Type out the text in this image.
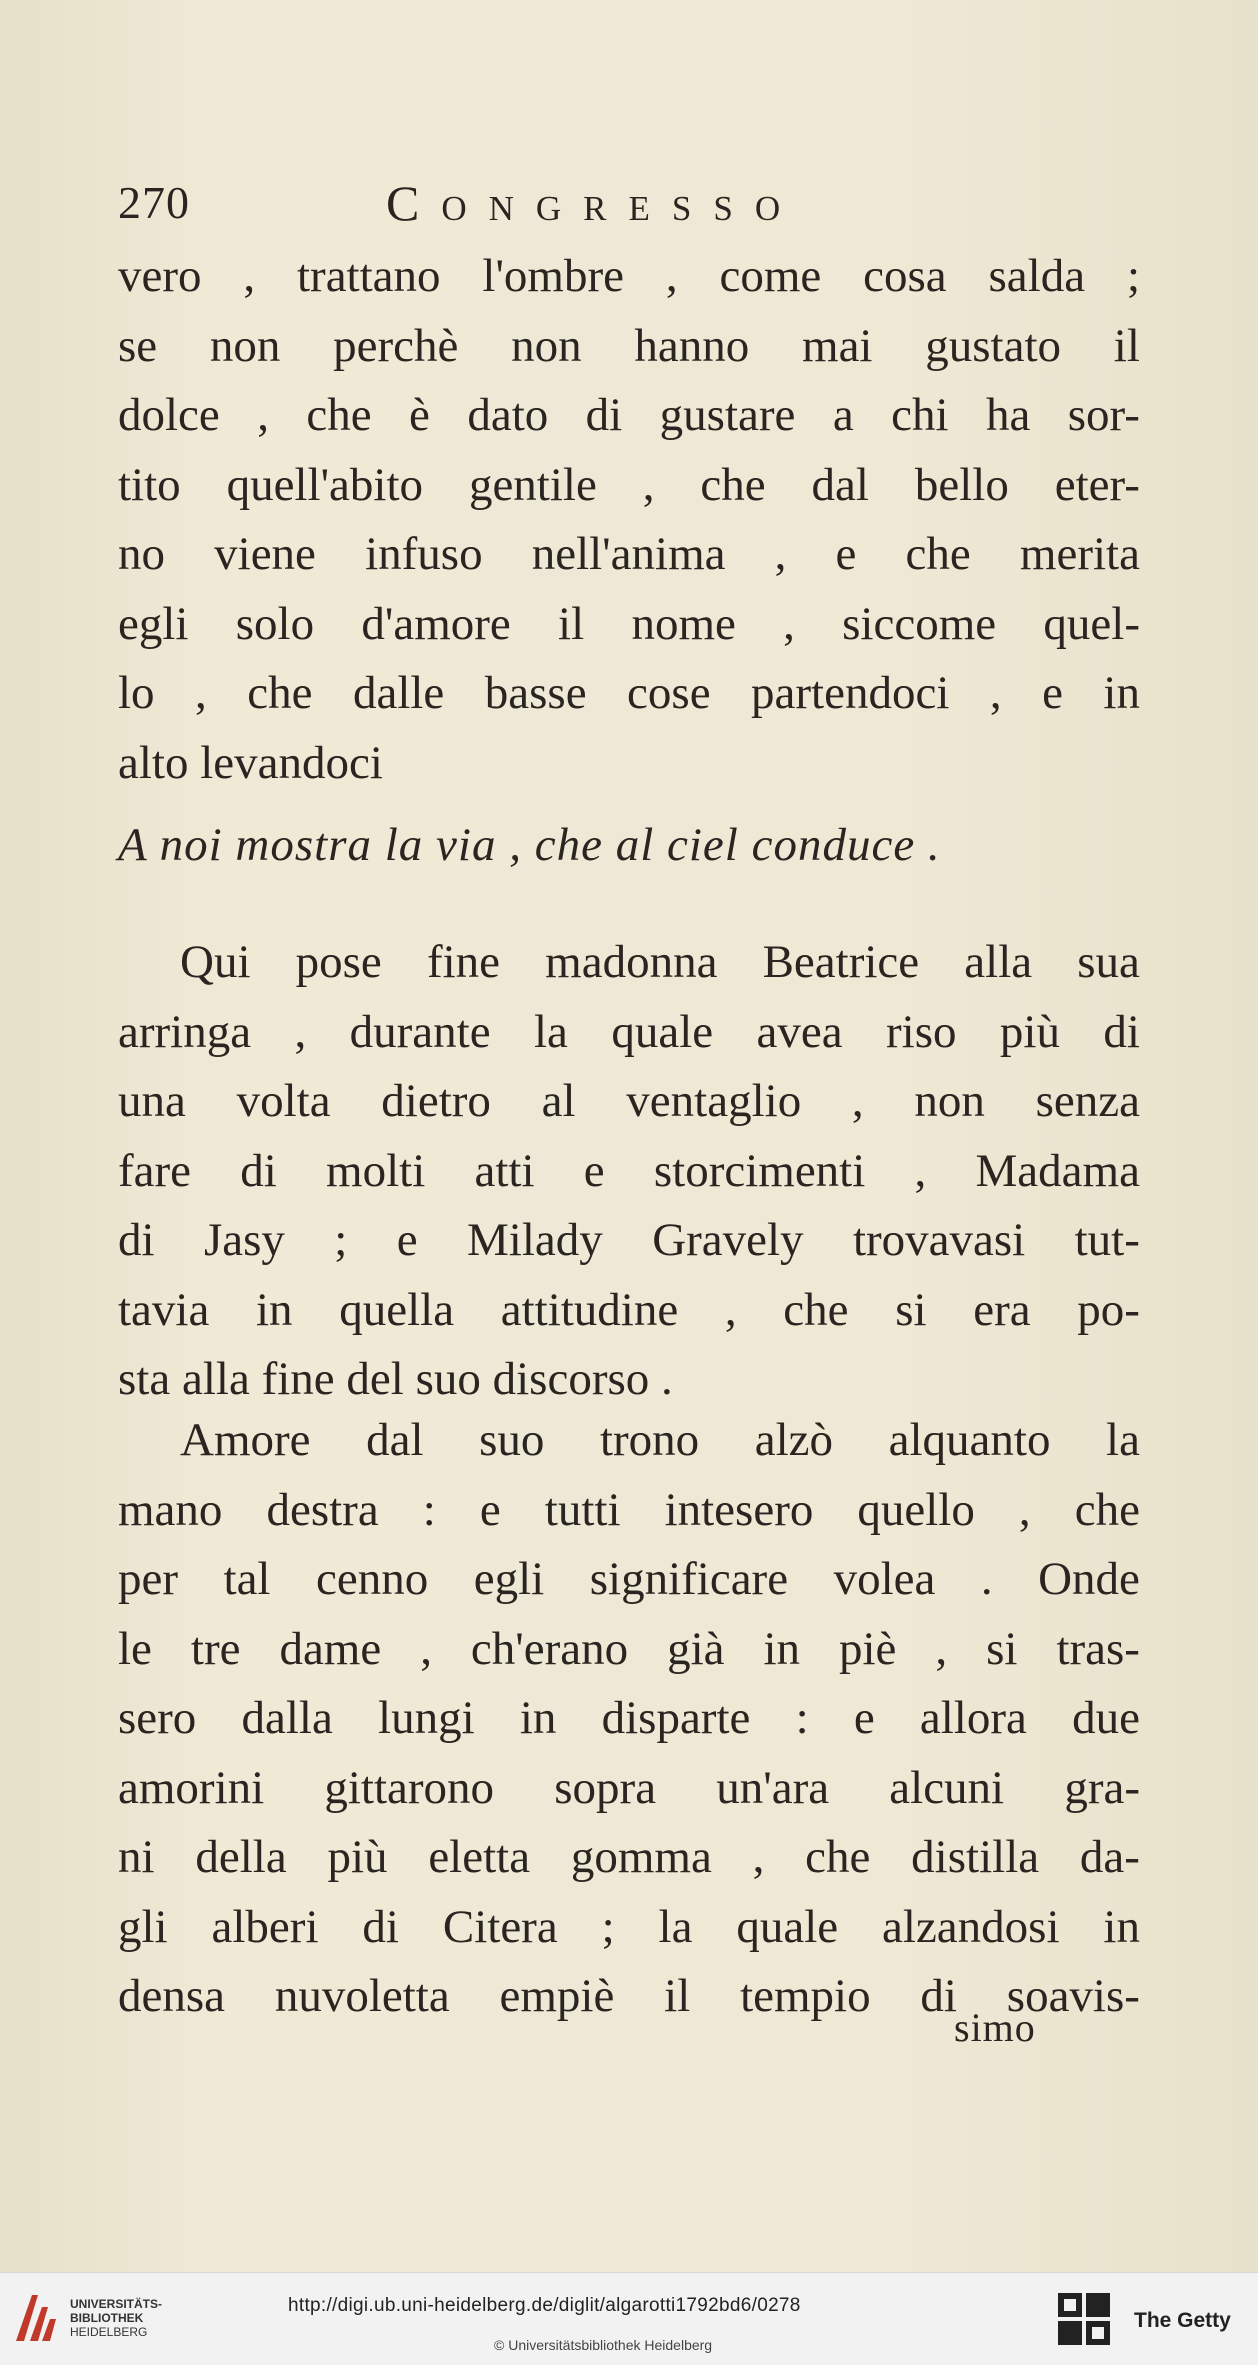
270	Congresso
vero , trattano l'ombre , come cosa salda ;
se non perchè non hanno mai gustato il
dolce , che è dato di gustare a chi ha sor-
tito quell'abito gentile , che dal bello eter-
no viene infuso nell'anima , e che merita
egli solo d'amore il nome , siccome quel-
lo , che dalle basse cose partendoci , e in
alto levandoci
A noi mostra la via , che al ciel conduce .
Qui pose fine madonna Beatrice alla sua
arringa , durante la quale avea riso più di
una volta dietro al ventaglio , non senza
fare di molti atti e storcimenti , Madama
di Jasy ; e Milady Gravely trovavasi tut-
tavia in quella attitudine , che si era po-
sta alla fine del suo discorso .
Amore dal suo trono alzò alquanto la
mano destra : e tutti intesero quello , che
per tal cenno egli significare volea . Onde
le tre dame , ch'erano già in piè , si tras-
sero dalla lungi in disparte : e allora due
amorini gittarono sopra un'ara alcuni gra-
ni della più eletta gomma , che distilla da-
gli alberi di Citera ; la quale alzandosi in
densa nuvoletta empiè il tempio di soavis-
simo
UNIVERSITÄTS-
BIBLIOTHEK
HEIDELBERG
http://digi.ub.uni-heidelberg.de/diglit/algarotti1792bd6/0278
© Universitätsbibliothek Heidelberg
The Getty
